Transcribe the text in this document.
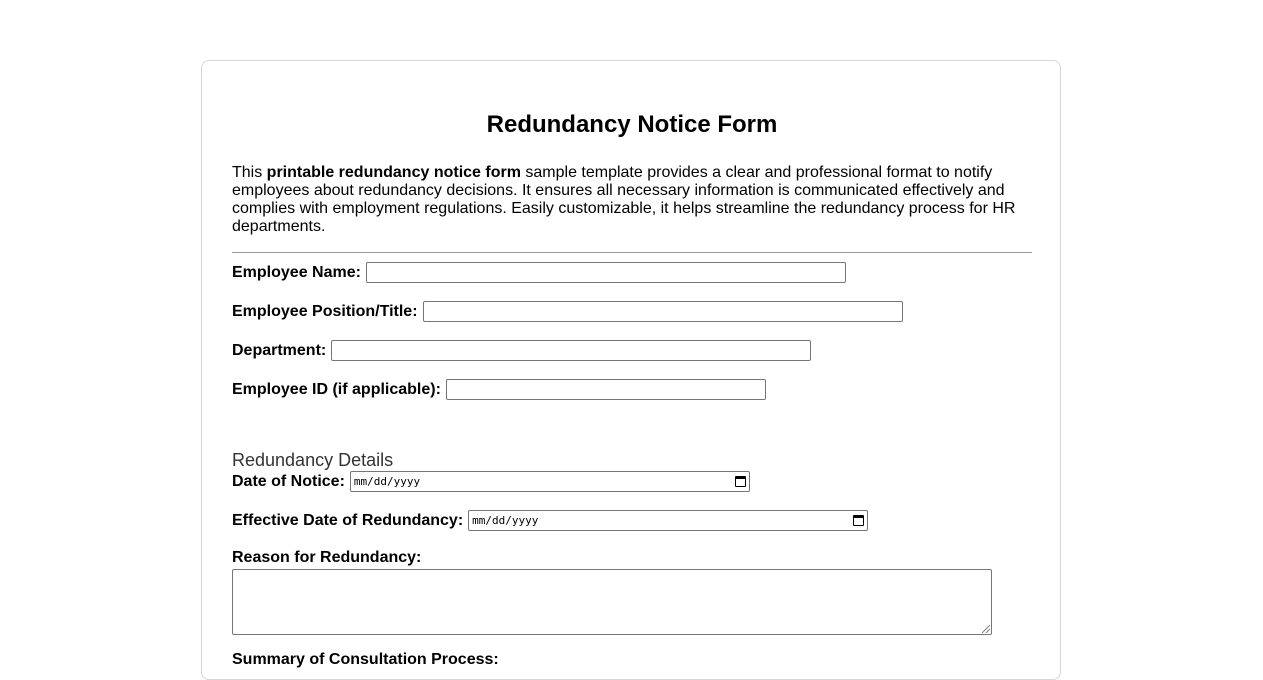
Redundancy Notice Form
This printable redundancy notice form sample template provides a clear and professional format to notify employees about redundancy decisions. It ensures all necessary information is communicated effectively and complies with employment regulations. Easily customizable, it helps streamline the redundancy process for HR departments.
Employee Name:
Employee Position/Title:
Department:
Employee ID (if applicable):
Redundancy Details
Date of Notice: mm/dd/yyyy
Effective Date of Redundancy: mm/dd/yyyy
Reason for Redundancy:
Summary of Consultation Process:
